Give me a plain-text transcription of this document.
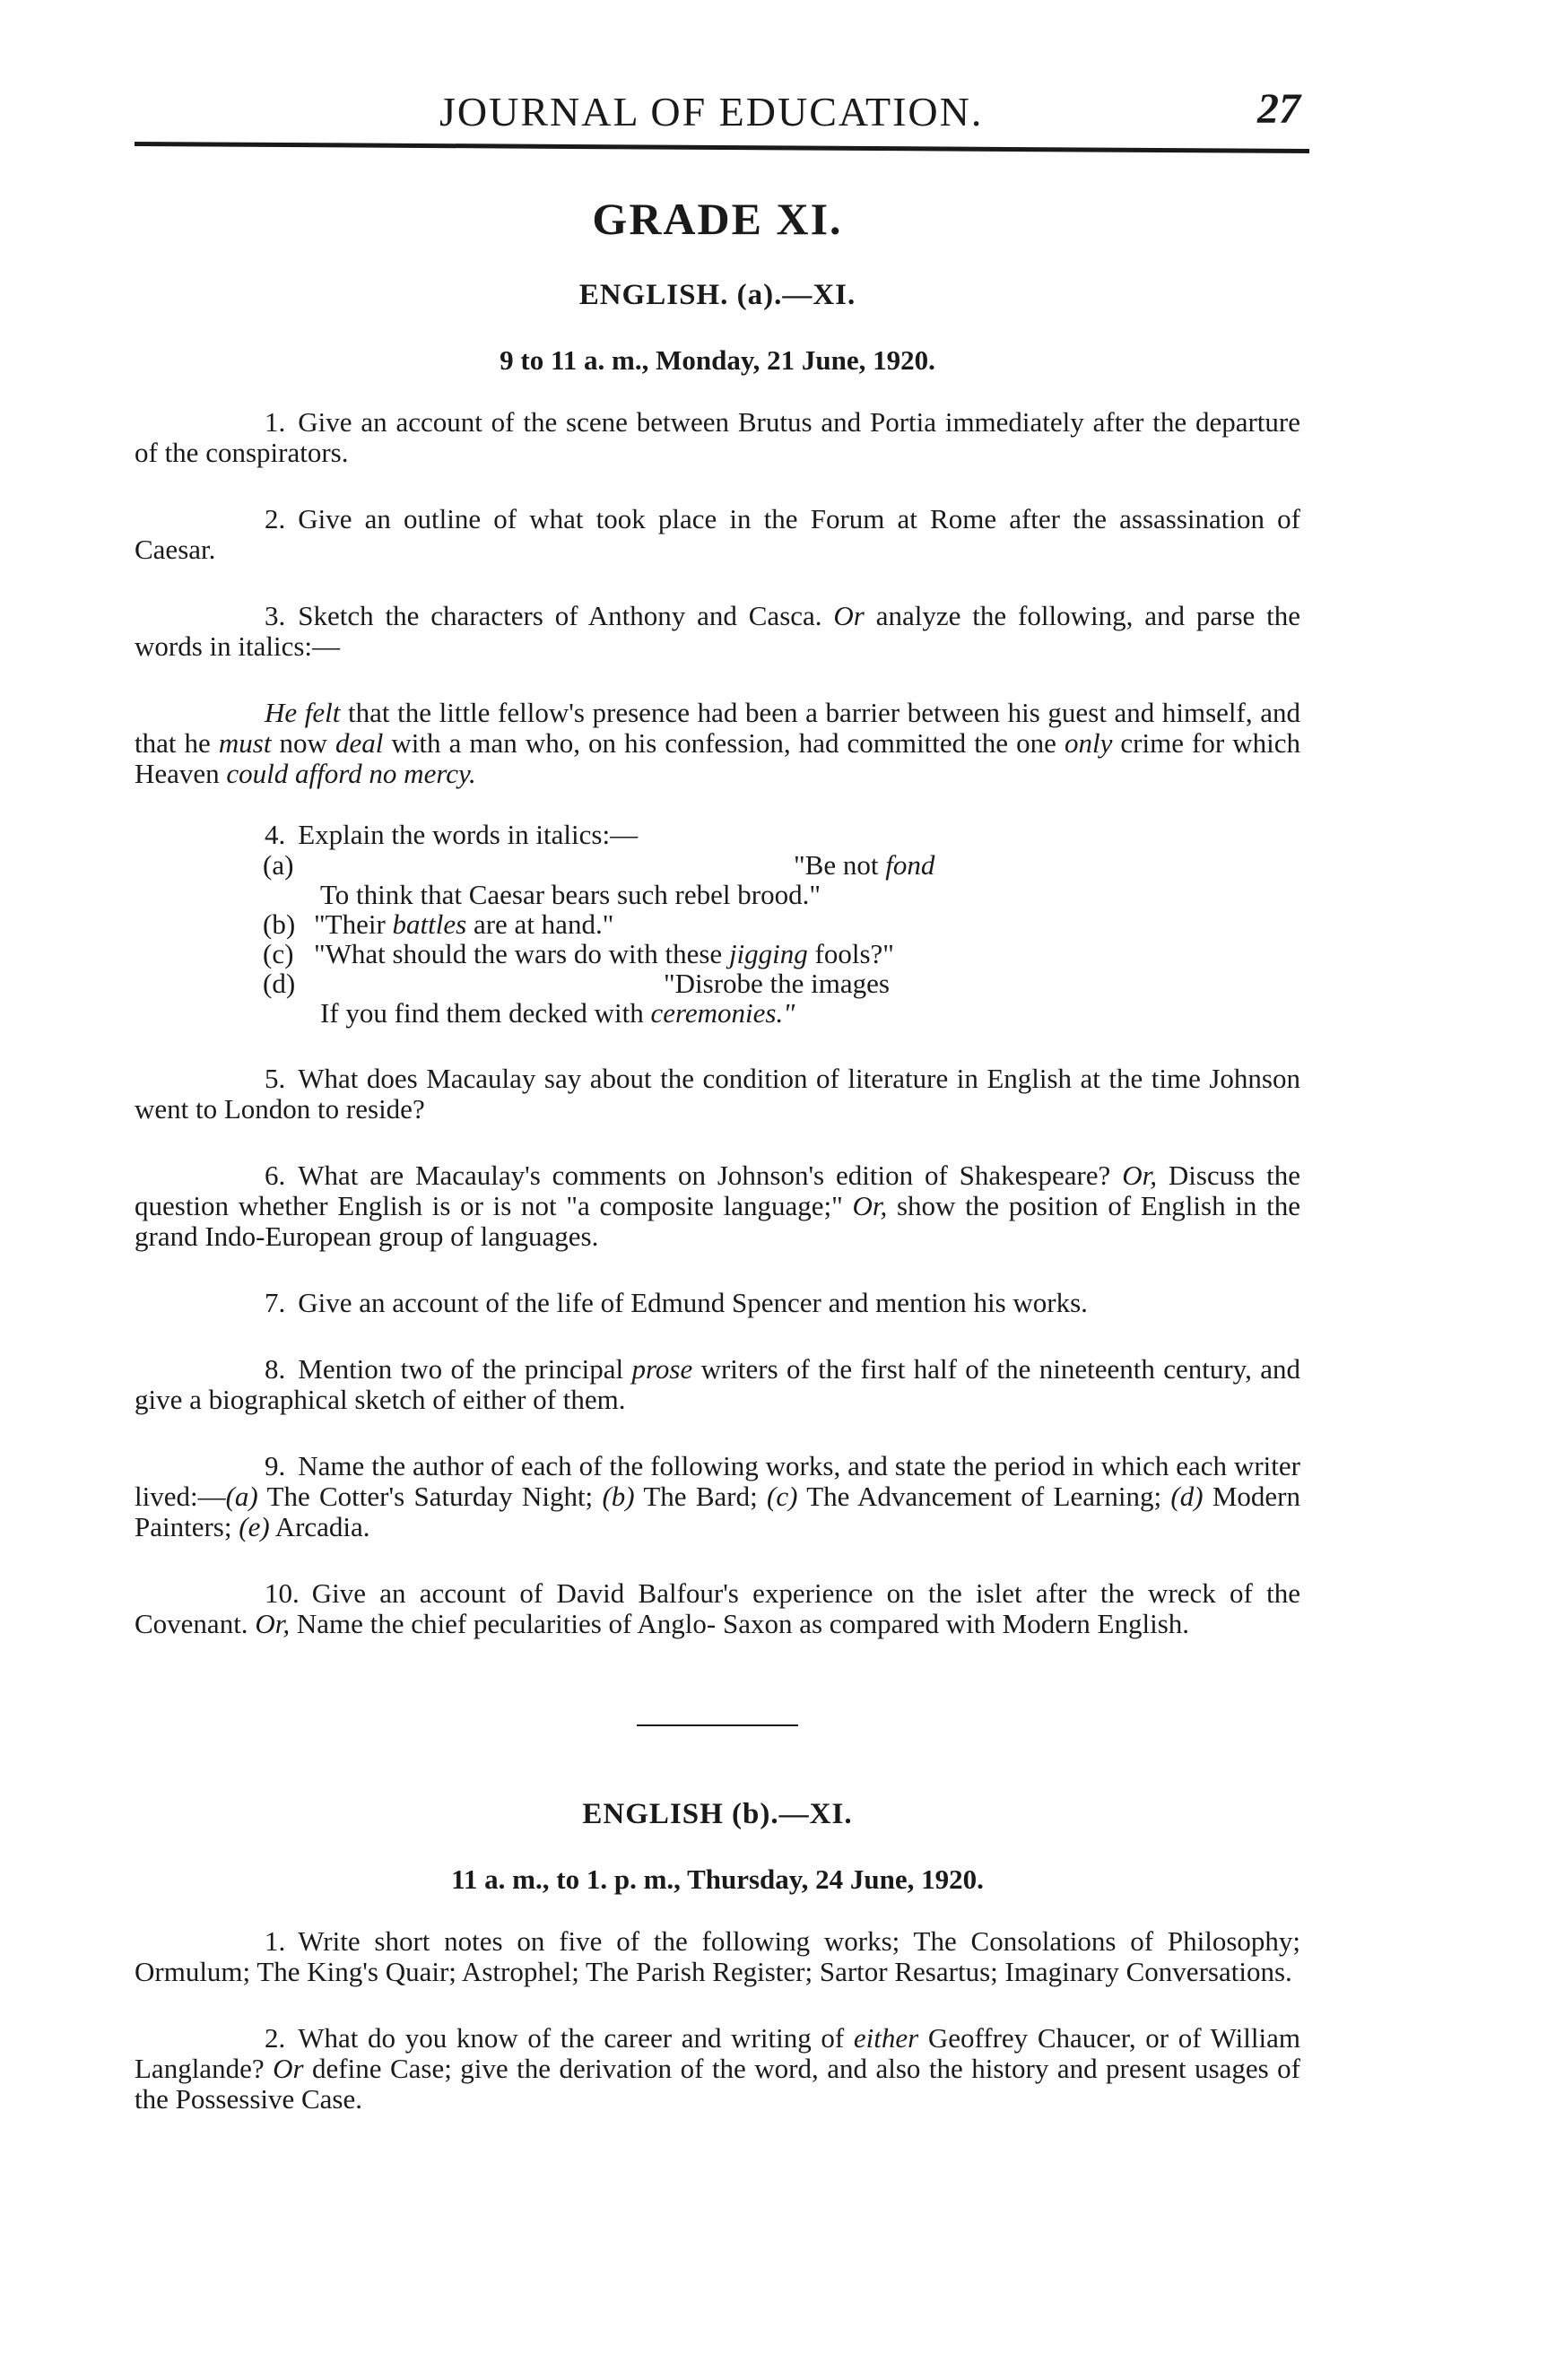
JOURNAL OF EDUCATION.	27
GRADE XI.
ENGLISH. (a).—XI.
9 to 11 a. m., Monday, 21 June, 1920.

1. Give an account of the scene between Brutus and Portia immediately after the departure of the conspirators.

2. Give an outline of what took place in the Forum at Rome after the assassination of Caesar.

3. Sketch the characters of Anthony and Casca. Or analyze the following, and parse the words in italics:—

He felt that the little fellow's presence had been a barrier between his guest and himself, and that he must now deal with a man who, on his confession, had committed the one only crime for which Heaven could afford no mercy.

4. Explain the words in italics:—
(a)	"Be not fond
To think that Caesar bears such rebel brood."
(b) "Their battles are at hand."
(c) "What should the wars do with these jigging fools?"
(d)	"Disrobe the images
If you find them decked with ceremonies."

5. What does Macaulay say about the condition of literature in English at the time Johnson went to London to reside?

6. What are Macaulay's comments on Johnson's edition of Shakespeare? Or, Discuss the question whether English is or is not "a composite language;" Or, show the position of English in the grand Indo-European group of languages.

7. Give an account of the life of Edmund Spencer and mention his works.

8. Mention two of the principal prose writers of the first half of the nineteenth century, and give a biographical sketch of either of them.

9. Name the author of each of the following works, and state the period in which each writer lived:—(a) The Cotter's Saturday Night; (b) The Bard; (c) The Advancement of Learning; (d) Modern Painters; (e) Arcadia.

10. Give an account of David Balfour's experience on the islet after the wreck of the Covenant. Or, Name the chief pecularities of Anglo- Saxon as compared with Modern English.

ENGLISH (b).—XI.
11 a. m., to 1. p. m., Thursday, 24 June, 1920.

1. Write short notes on five of the following works; The Consolations of Philosophy; Ormulum; The King's Quair; Astrophel; The Parish Register; Sartor Resartus; Imaginary Conversations.

2. What do you know of the career and writing of either Geoffrey Chaucer, or of William Langlande? Or define Case; give the derivation of the word, and also the history and present usages of the Possessive Case.
